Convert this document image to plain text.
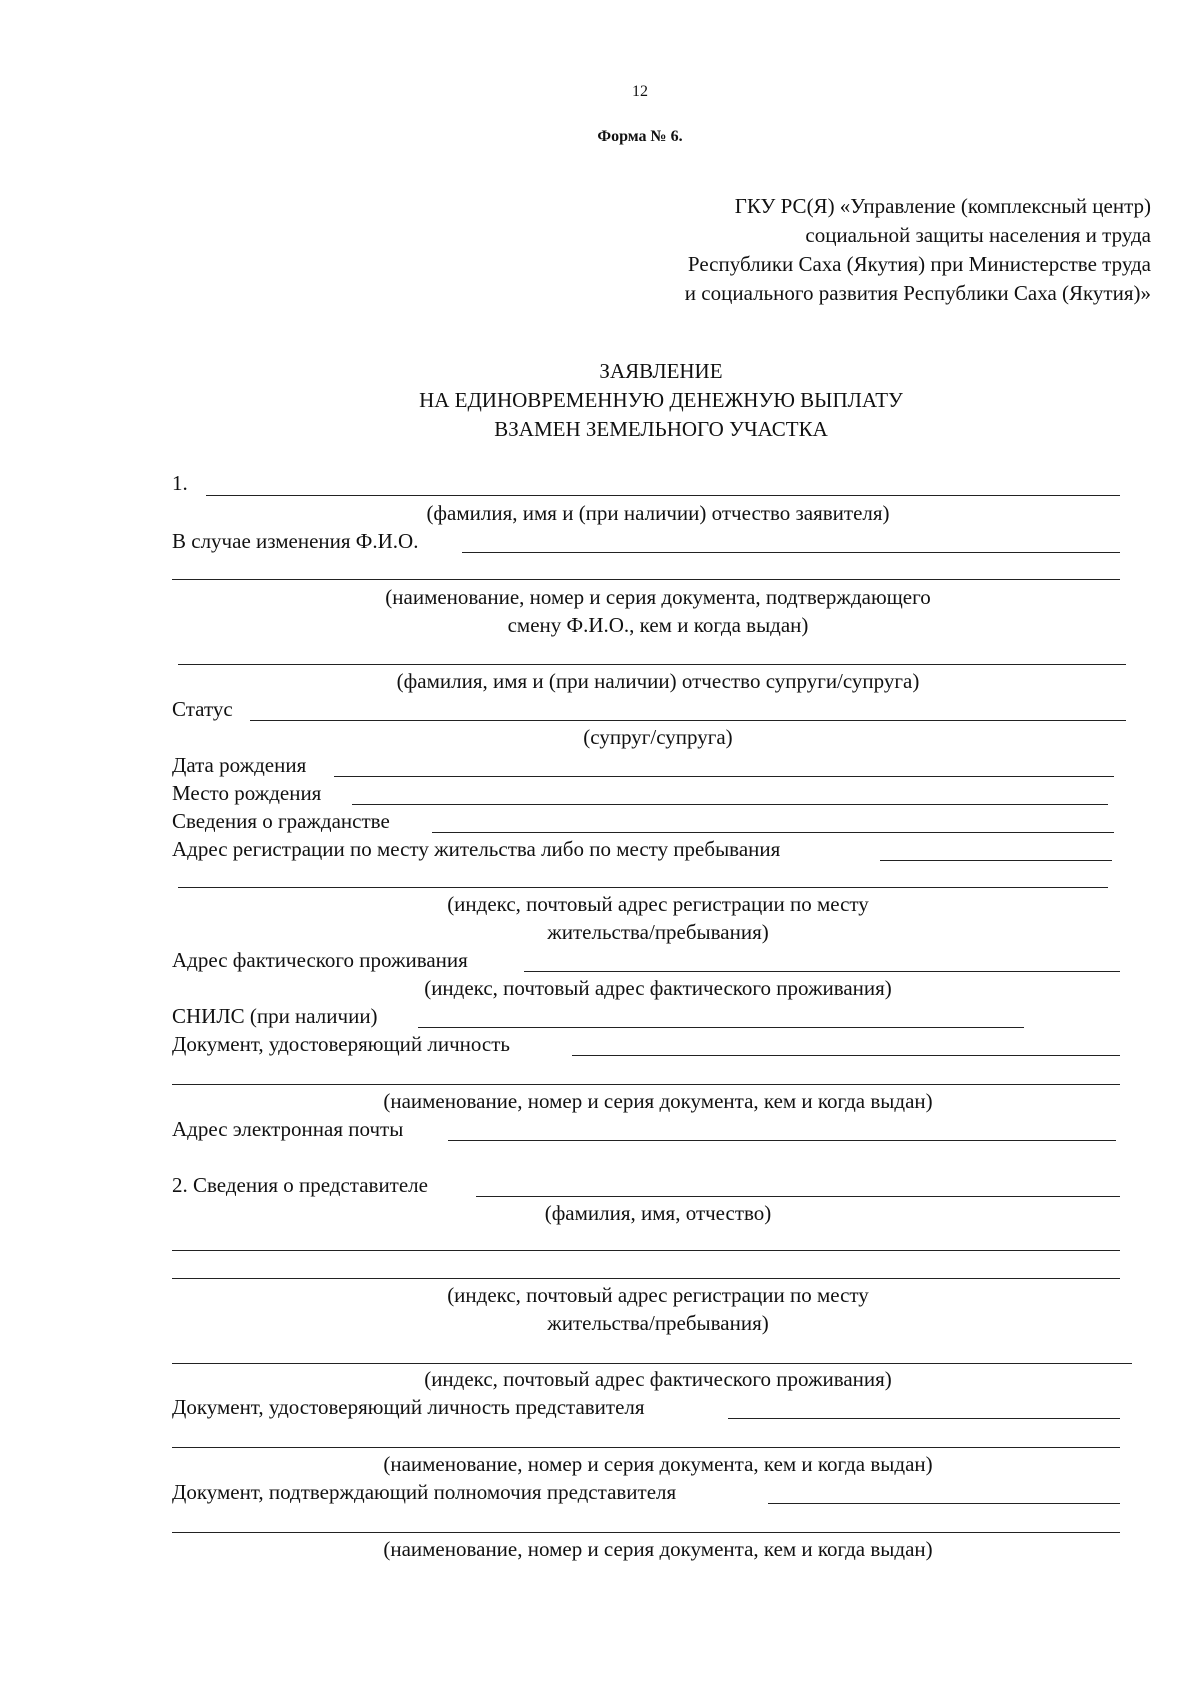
12
Форма № 6.
ГКУ РС(Я) «Управление (комплексный центр)
социальной защиты населения и труда
Республики Саха (Якутия) при Министерстве труда
и социального развития Республики Саха (Якутия)»
ЗАЯВЛЕНИЕ
НА ЕДИНОВРЕМЕННУЮ ДЕНЕЖНУЮ ВЫПЛАТУ
ВЗАМЕН ЗЕМЕЛЬНОГО УЧАСТКА
1.
(фамилия, имя и (при наличии) отчество заявителя)
В случае изменения Ф.И.О.
(наименование, номер и серия документа, подтверждающего
смену Ф.И.О., кем и когда выдан)
(фамилия, имя и (при наличии) отчество супруги/супруга)
Статус
(супруг/супруга)
Дата рождения
Место рождения
Сведения о гражданстве
Адрес регистрации по месту жительства либо по месту пребывания
(индекс, почтовый адрес регистрации по месту
жительства/пребывания)
Адрес фактического проживания
(индекс, почтовый адрес фактического проживания)
СНИЛС (при наличии)
Документ, удостоверяющий личность
(наименование, номер и серия документа, кем и когда выдан)
Адрес электронная почты
2. Сведения о представителе
(фамилия, имя, отчество)
(индекс, почтовый адрес регистрации по месту
жительства/пребывания)
(индекс, почтовый адрес фактического проживания)
Документ, удостоверяющий личность представителя
(наименование, номер и серия документа, кем и когда выдан)
Документ, подтверждающий полномочия представителя
(наименование, номер и серия документа, кем и когда выдан)
